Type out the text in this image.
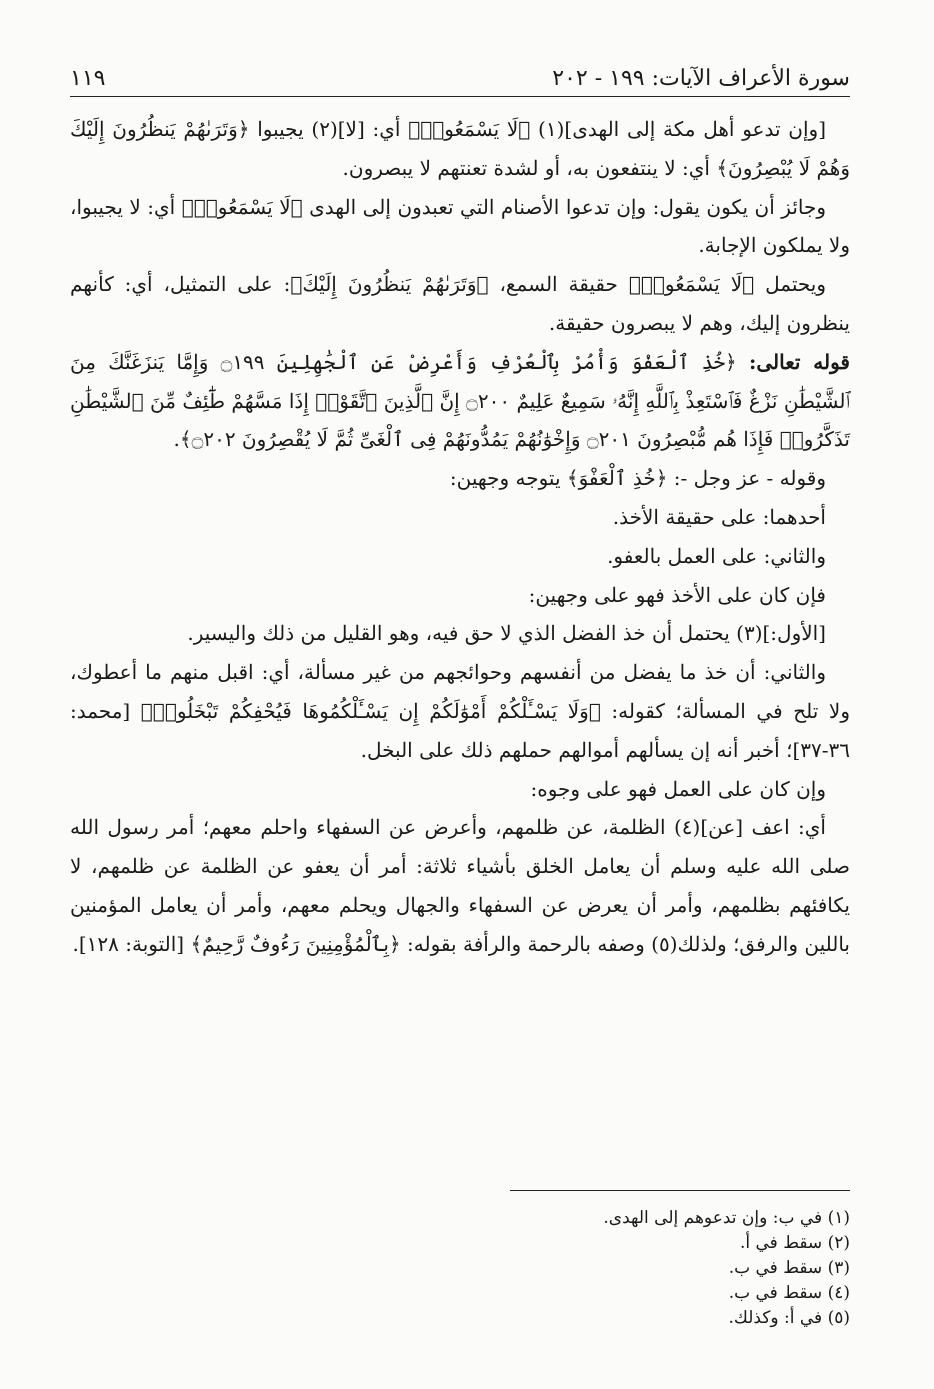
سورة الأعراف الآيات: ١٩٩ - ٢٠٢
١١٩

[وإن تدعو أهل مكة إلى الهدى](١) ﴿لَا يَسْمَعُوا۟﴾ أي: [لا](٢) يجيبوا ﴿وَتَرَىٰهُمْ يَنظُرُونَ إِلَيْكَ وَهُمْ لَا يُبْصِرُونَ﴾ أي: لا ينتفعون به، أو لشدة تعنتهم لا يبصرون.

وجائز أن يكون يقول: وإن تدعوا الأصنام التي تعبدون إلى الهدى ﴿لَا يَسْمَعُوا۟﴾ أي: لا يجيبوا، ولا يملكون الإجابة.

ويحتمل ﴿لَا يَسْمَعُوا۟﴾ حقيقة السمع، ﴿وَتَرَىٰهُمْ يَنظُرُونَ إِلَيْكَ﴾: على التمثيل، أي: كأنهم ينظرون إليك، وهم لا يبصرون حقيقة.

قوله تعالى: ﴿خُذِ ٱلْعَفْوَ وَأْمُرْ بِٱلْعُرْفِ وَأَعْرِضْ عَنِ ٱلْجَٰهِلِينَ ۝١٩٩ وَإِمَّا يَنزَغَنَّكَ مِنَ ٱلشَّيْطَٰنِ نَزْغٌ فَٱسْتَعِذْ بِٱللَّهِ إِنَّهُۥ سَمِيعٌ عَلِيمٌ ۝٢٠٠ إِنَّ ٱلَّذِينَ ٱتَّقَوْا۟ إِذَا مَسَّهُمْ طَٰٓئِفٌ مِّنَ ٱلشَّيْطَٰنِ تَذَكَّرُوا۟ فَإِذَا هُم مُّبْصِرُونَ ۝٢٠١ وَإِخْوَٰنُهُمْ يَمُدُّونَهُمْ فِى ٱلْغَىِّ ثُمَّ لَا يُقْصِرُونَ ۝٢٠٢﴾.

وقوله - عز وجل -: ﴿خُذِ ٱلْعَفْوَ﴾ يتوجه وجهين:

أحدهما: على حقيقة الأخذ.

والثاني: على العمل بالعفو.

فإن كان على الأخذ فهو على وجهين:

[الأول:](٣) يحتمل أن خذ الفضل الذي لا حق فيه، وهو القليل من ذلك واليسير.

والثاني: أن خذ ما يفضل من أنفسهم وحوائجهم من غير مسألة، أي: اقبل منهم ما أعطوك، ولا تلح في المسألة؛ كقوله: ﴿وَلَا يَسْـَٔلْكُمْ أَمْوَٰلَكُمْ إِن يَسْـَٔلْكُمُوهَا فَيُحْفِكُمْ تَبْخَلُوا۟﴾ [محمد: ٣٦-٣٧]؛ أخبر أنه إن يسألهم أموالهم حملهم ذلك على البخل.

وإن كان على العمل فهو على وجوه:

أي: اعف [عن](٤) الظلمة، عن ظلمهم، وأعرض عن السفهاء واحلم معهم؛ أمر رسول الله صلى الله عليه وسلم أن يعامل الخلق بأشياء ثلاثة: أمر أن يعفو عن الظلمة عن ظلمهم، لا يكافئهم بظلمهم، وأمر أن يعرض عن السفهاء والجهال ويحلم معهم، وأمر أن يعامل المؤمنين باللين والرفق؛ ولذلك(٥) وصفه بالرحمة والرأفة بقوله: ﴿بِٱلْمُؤْمِنِينَ رَءُوفٌ رَّحِيمٌ﴾ [التوبة: ١٢٨].

(١) في ب: وإن تدعوهم إلى الهدى.
(٢) سقط في أ.
(٣) سقط في ب.
(٤) سقط في ب.
(٥) في أ: وكذلك.
